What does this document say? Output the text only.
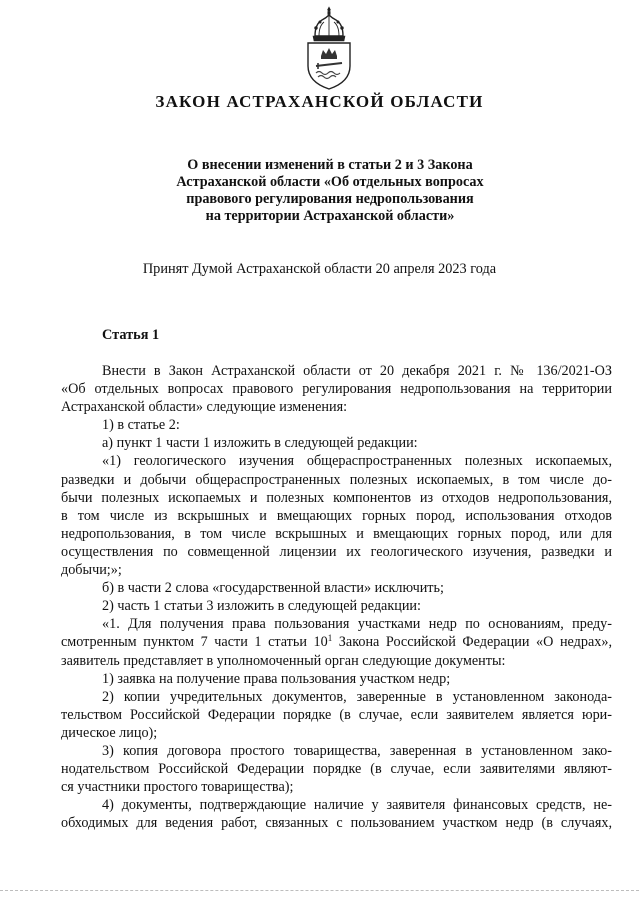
ЗАКОН АСТРАХАНСКОЙ ОБЛАСТИ
О внесении изменений в статьи 2 и 3 Закона
Астраханской области «Об отдельных вопросах
правового регулирования недропользования
на территории Астраханской области»

Принят Думой Астраханской области 20 апреля 2023 года

Статья 1
Внести в Закон Астраханской области от 20 декабря 2021 г. № 136/2021-ОЗ
«Об отдельных вопросах правового регулирования недропользования на территории
Астраханской области» следующие изменения:
1) в статье 2:
а) пункт 1 части 1 изложить в следующей редакции:
«1) геологического изучения общераспространенных полезных ископаемых,
разведки и добычи общераспространенных полезных ископаемых, в том числе до-
бычи полезных ископаемых и полезных компонентов из отходов недропользования,
в том числе из вскрышных и вмещающих горных пород, использования отходов
недропользования, в том числе вскрышных и вмещающих горных пород, или для
осуществления по совмещенной лицензии их геологического изучения, разведки и
добычи;»;
б) в части 2 слова «государственной власти» исключить;
2) часть 1 статьи 3 изложить в следующей редакции:
«1. Для получения права пользования участками недр по основаниям, преду-
смотренным пунктом 7 части 1 статьи $10^1$ Закона Российской Федерации «О недрах»,
заявитель представляет в уполномоченный орган следующие документы:
1) заявка на получение права пользования участком недр;
2) копии учредительных документов, заверенные в установленном законода-
тельством Российской Федерации порядке (в случае, если заявителем является юри-
дическое лицо);
3) копия договора простого товарищества, заверенная в установленном зако-
нодательством Российской Федерации порядке (в случае, если заявителями являют-
ся участники простого товарищества);
4) документы, подтверждающие наличие у заявителя финансовых средств, не-
обходимых для ведения работ, связанных с пользованием участком недр (в случаях,
